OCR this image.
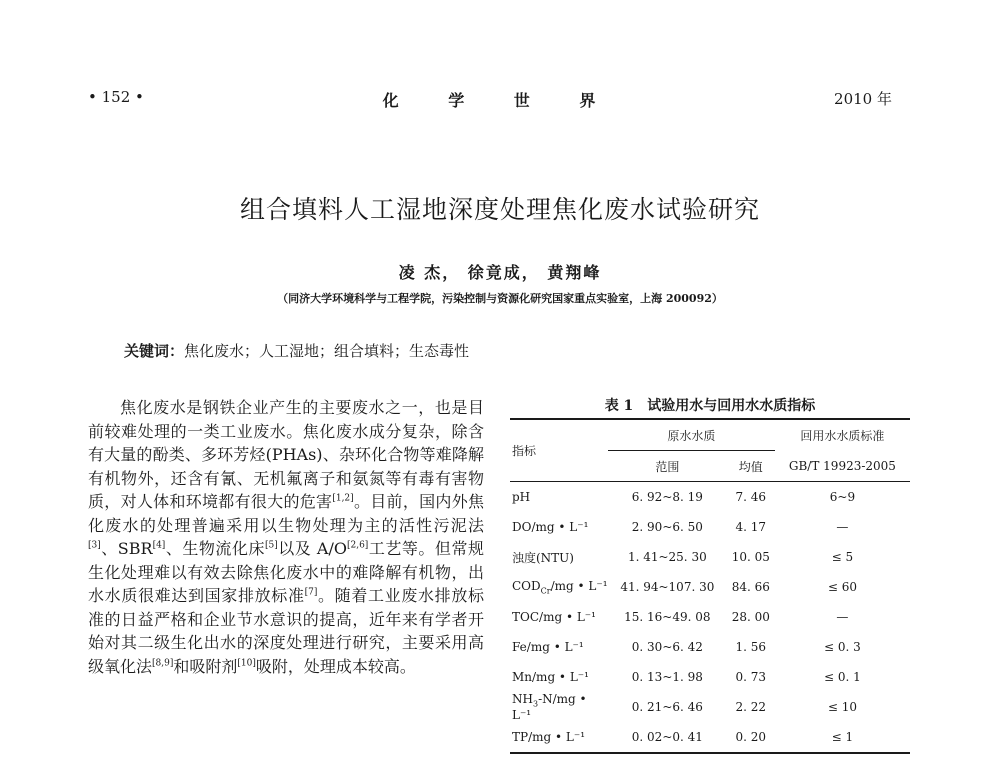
• 152 •	化 学 世 界	2010 年
组合填料人工湿地深度处理焦化废水试验研究
凌 杰， 徐竟成， 黄翔峰
（同济大学环境科学与工程学院，污染控制与资源化研究国家重点实验室，上海 200092）
关键词：焦化废水；人工湿地；组合填料；生态毒性

焦化废水是钢铁企业产生的主要废水之一，也是目前较难处理的一类工业废水。焦化废水成分复杂，除含有大量的酚类、多环芳烃(PHAs)、杂环化合物等难降解有机物外，还含有氰、无机氟离子和氨氮等有毒有害物质，对人体和环境都有很大的危害[1,2]。目前，国内外焦化废水的处理普遍采用以生物处理为主的活性污泥法[3]、SBR[4]、生物流化床[5]以及 A/O[2,6]工艺等。但常规生化处理难以有效去除焦化废水中的难降解有机物，出水水质很难达到国家排放标准[7]。随着工业废水排放标准的日益严格和企业节水意识的提高，近年来有学者开始对其二级生化出水的深度处理进行研究，主要采用高级氧化法[8,9]和吸附剂[10]吸附，处理成本较高。

表 1　试验用水与回用水水质指标
指标	原水水质		回用水水质标准
	范围	均值	GB/T 19923-2005
pH	6. 92~8. 19	7. 46	6~9
DO/mg • L⁻¹	2. 90~6. 50	4. 17	—
浊度(NTU)	1. 41~25. 30	10. 05	≤ 5
$COD_{Cr}/mg$ • L⁻¹	41. 94~107. 30	84. 66	≤ 60
TOC/mg • L⁻¹	15. 16~49. 08	28. 00	—
Fe/mg • L⁻¹	0. 30~6. 42	1. 56	≤ 0. 3
Mn/mg • L⁻¹	0. 13~1. 98	0. 73	≤ 0. 1
$NH_3-N/mg$ • L⁻¹	0. 21~6. 46	2. 22	≤ 10
TP/mg • L⁻¹	0. 02~0. 41	0. 20	≤ 1
